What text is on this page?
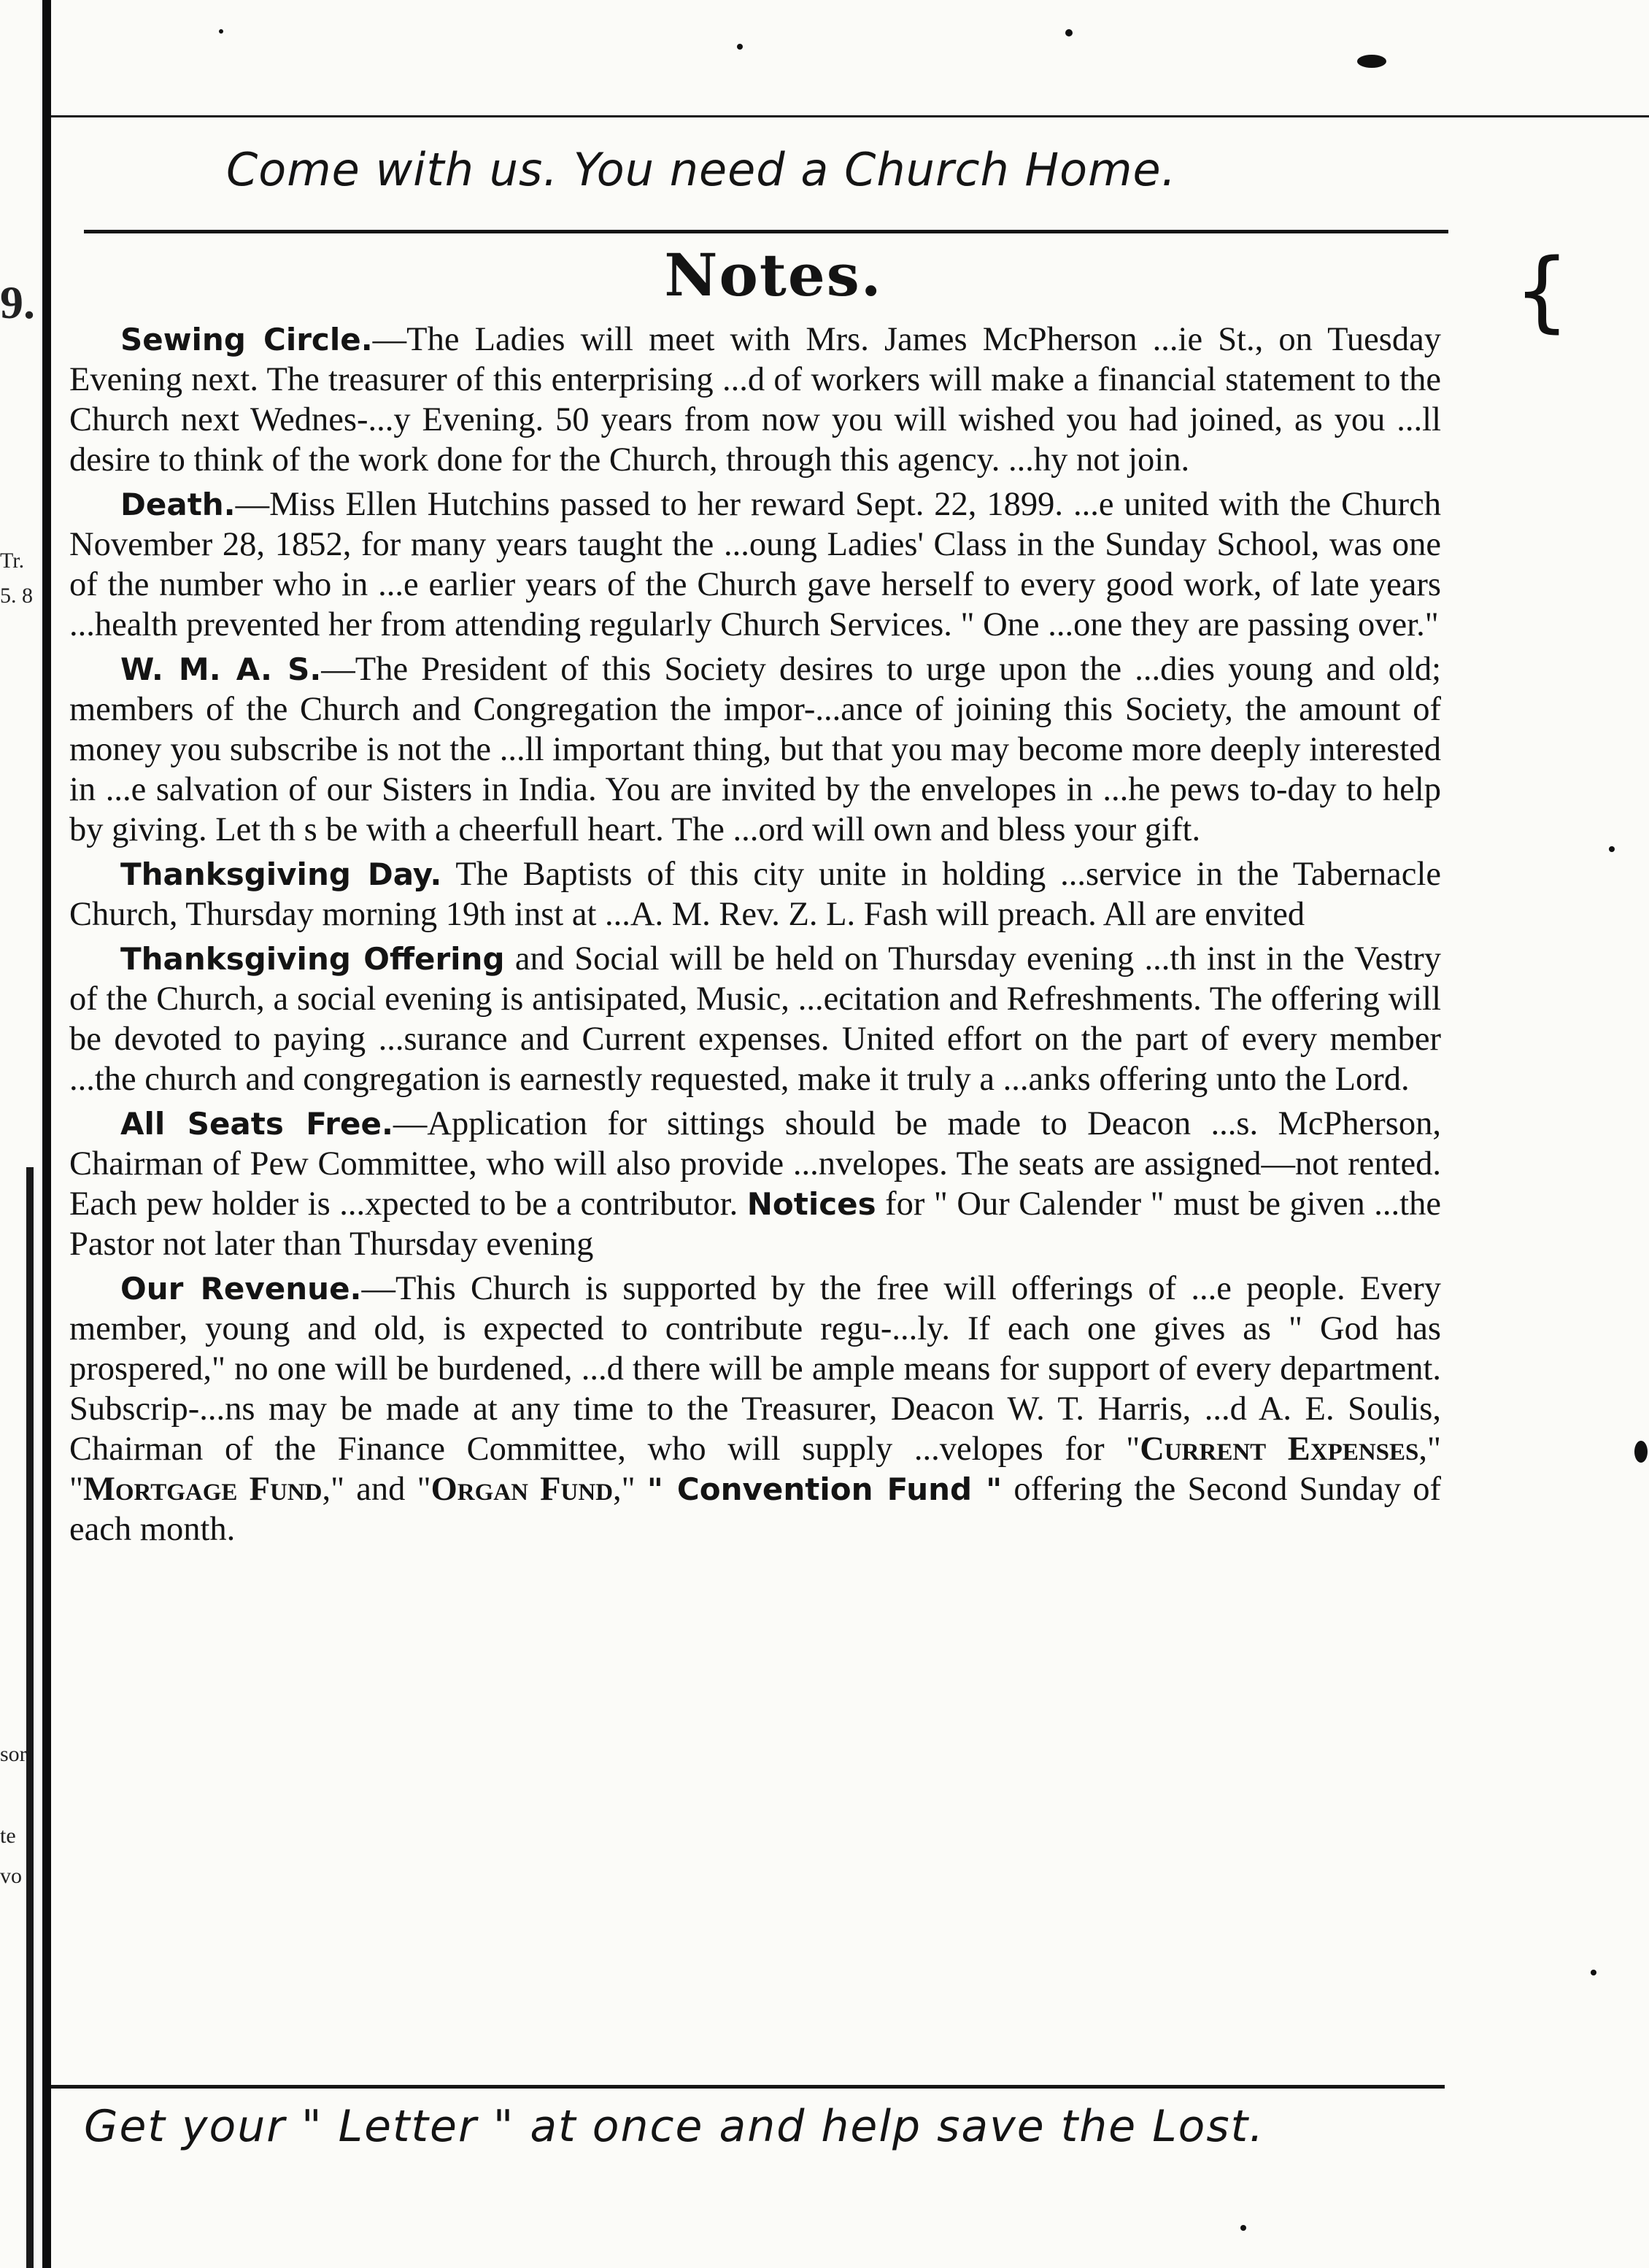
9.
Tr.
5. 8
sor
te
vo
Come with us. You need a Church Home.
{
Notes.

Sewing Circle.—The Ladies will meet with Mrs. James McPherson ...ie St., on Tuesday Evening next. The treasurer of this enterprising ...d of workers will make a financial statement to the Church next Wednes-...y Evening. 50 years from now you will wished you had joined, as you ...ll desire to think of the work done for the Church, through this agency. ...hy not join.

Death.—Miss Ellen Hutchins passed to her reward Sept. 22, 1899. ...e united with the Church November 28, 1852, for many years taught the ...oung Ladies' Class in the Sunday School, was one of the number who in ...e earlier years of the Church gave herself to every good work, of late years ...health prevented her from attending regularly Church Services. " One ...one they are passing over."

W. M. A. S.—The President of this Society desires to urge upon the ...dies young and old; members of the Church and Congregation the impor-...ance of joining this Society, the amount of money you subscribe is not the ...ll important thing, but that you may become more deeply interested in ...e salvation of our Sisters in India. You are invited by the envelopes in ...he pews to-day to help by giving. Let th s be with a cheerfull heart. The ...ord will own and bless your gift.

Thanksgiving Day. The Baptists of this city unite in holding ...service in the Tabernacle Church, Thursday morning 19th inst at ...A. M. Rev. Z. L. Fash will preach. All are envited

Thanksgiving Offering and Social will be held on Thursday evening ...th inst in the Vestry of the Church, a social evening is antisipated, Music, ...ecitation and Refreshments. The offering will be devoted to paying ...surance and Current expenses. United effort on the part of every member ...the church and congregation is earnestly requested, make it truly a ...anks offering unto the Lord.

All Seats Free.—Application for sittings should be made to Deacon ...s. McPherson, Chairman of Pew Committee, who will also provide ...nvelopes. The seats are assigned—not rented. Each pew holder is ...xpected to be a contributor. Notices for " Our Calender " must be given ...the Pastor not later than Thursday evening

Our Revenue.—This Church is supported by the free will offerings of ...e people. Every member, young and old, is expected to contribute regu-...ly. If each one gives as " God has prospered," no one will be burdened, ...d there will be ample means for support of every department. Subscrip-...ns may be made at any time to the Treasurer, Deacon W. T. Harris, ...d A. E. Soulis, Chairman of the Finance Committee, who will supply ...velopes for "Current Expenses," "Mortgage Fund," and "Organ Fund," " Convention Fund " offering the Second Sunday of each month.

Get your " Letter " at once and help save the Lost.
